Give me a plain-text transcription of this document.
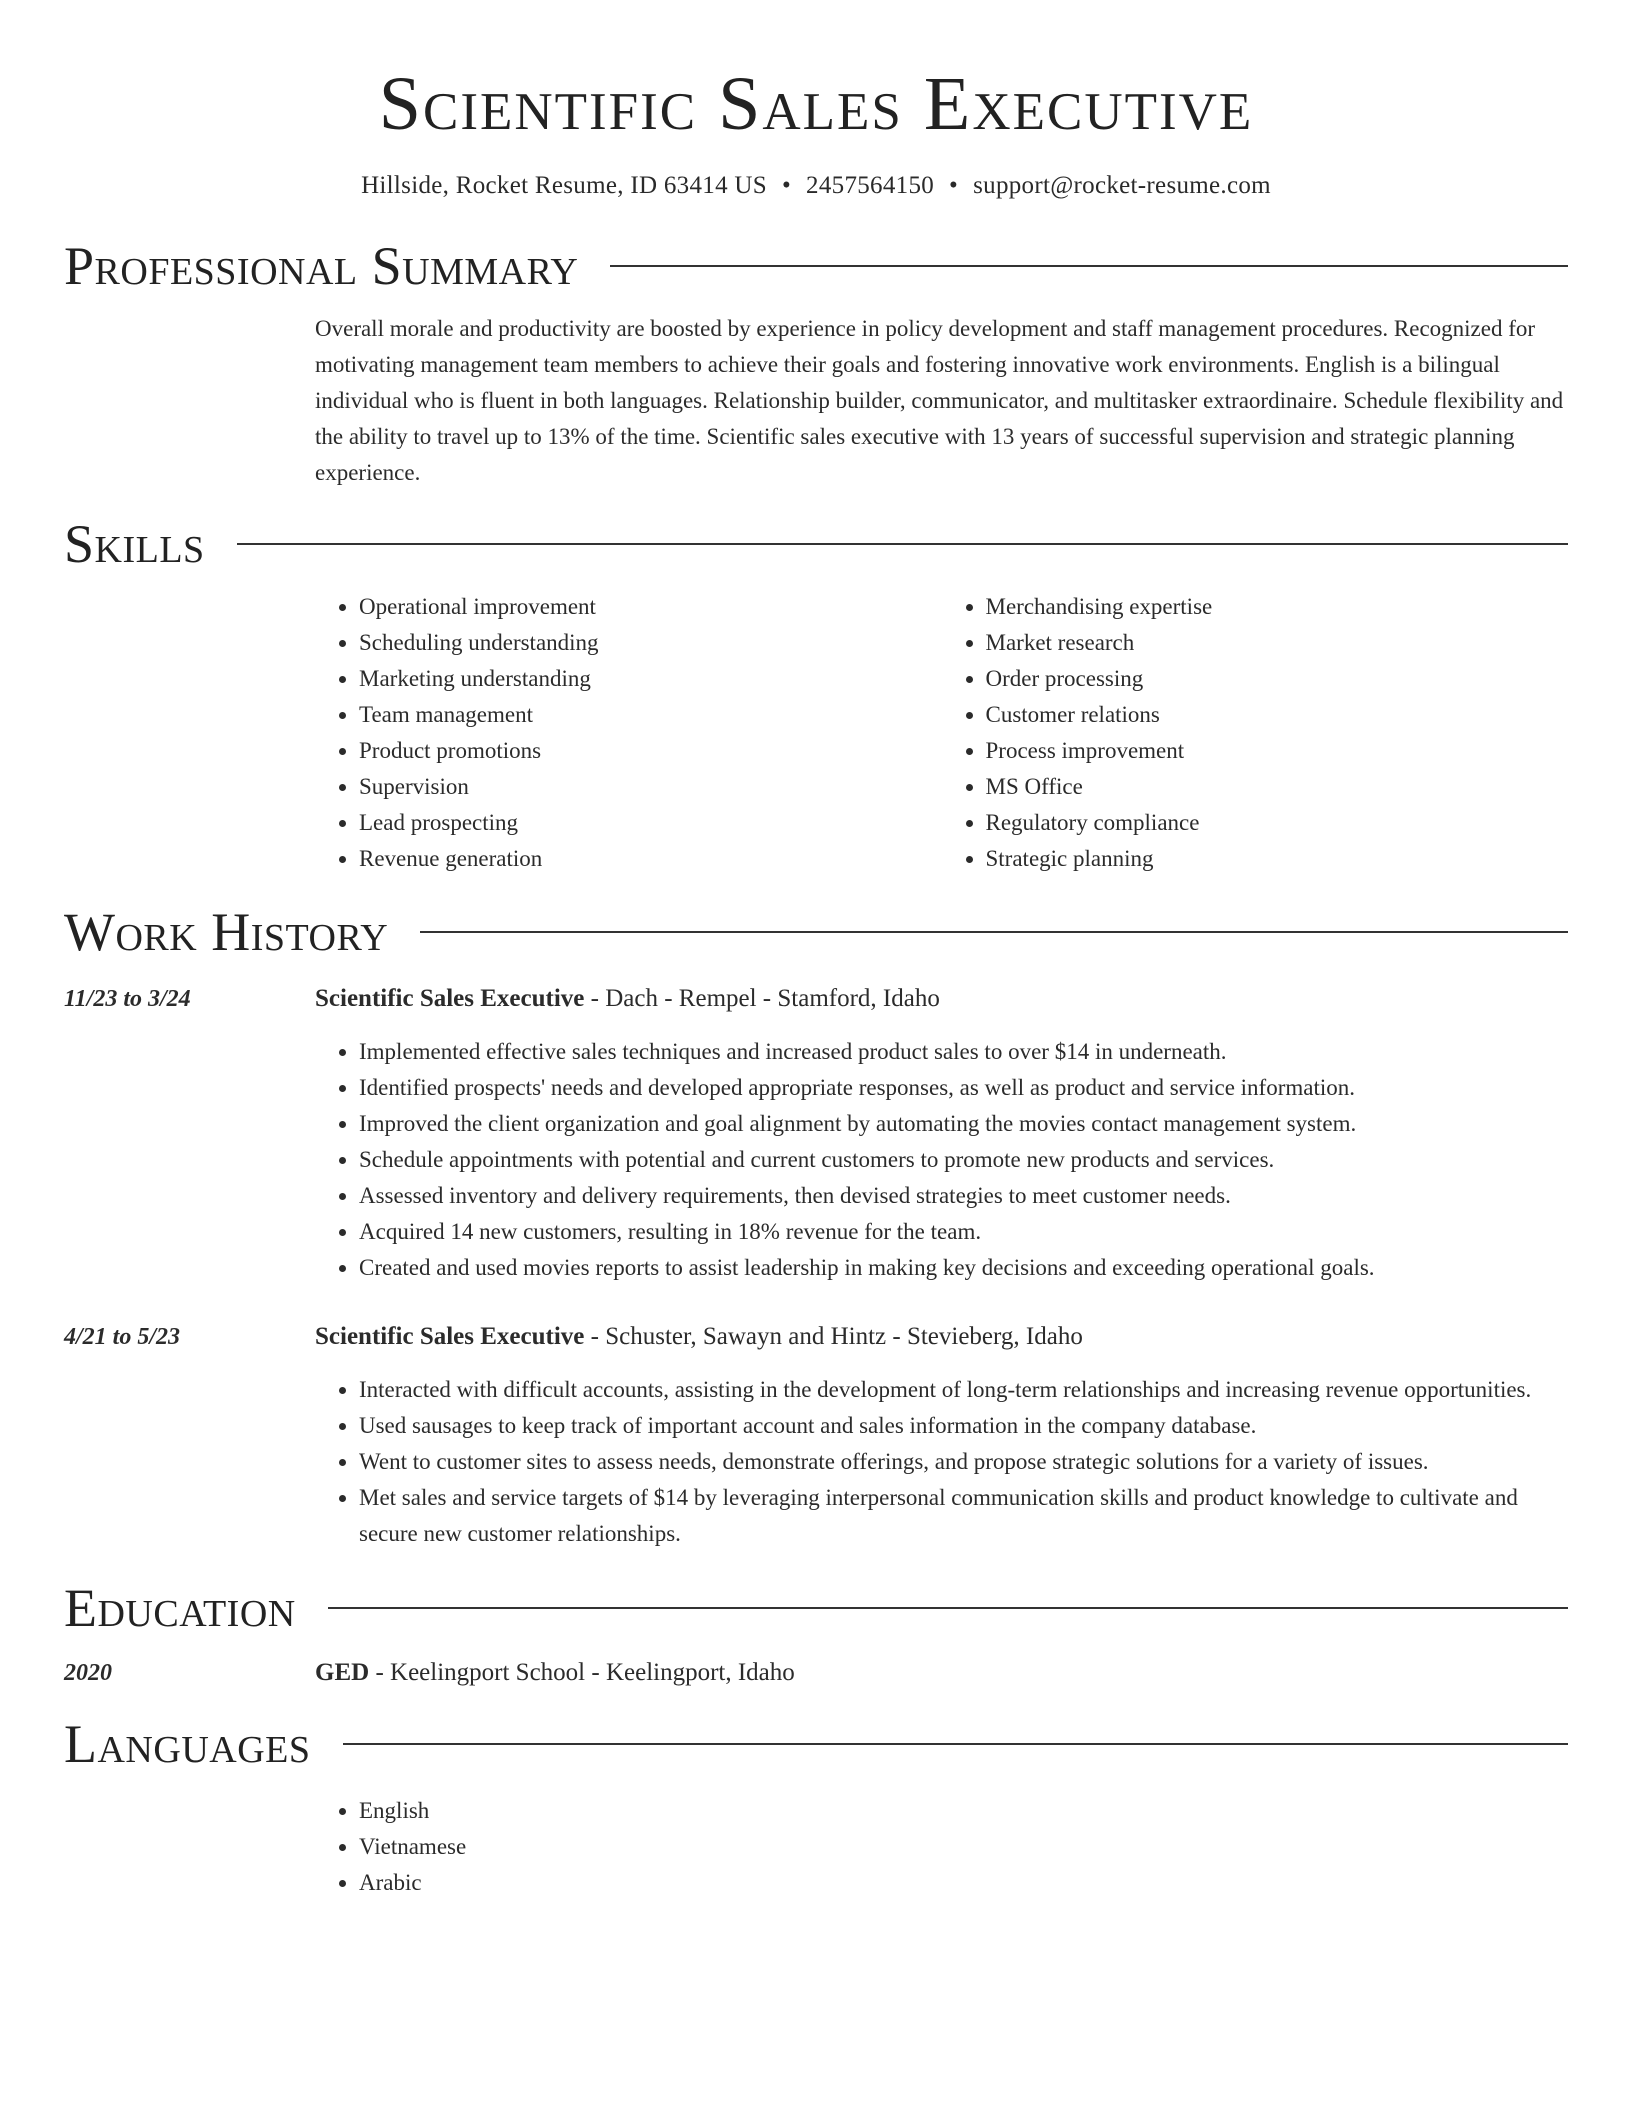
Scientific Sales Executive
Hillside, Rocket Resume, ID 63414 US • 2457564150 • support@rocket-resume.com
Professional Summary
Overall morale and productivity are boosted by experience in policy development and staff management procedures. Recognized for motivating management team members to achieve their goals and fostering innovative work environments. English is a bilingual individual who is fluent in both languages. Relationship builder, communicator, and multitasker extraordinaire. Schedule flexibility and the ability to travel up to 13% of the time. Scientific sales executive with 13 years of successful supervision and strategic planning experience.
Skills
• Operational improvement
• Scheduling understanding
• Marketing understanding
• Team management
• Product promotions
• Supervision
• Lead prospecting
• Revenue generation
• Merchandising expertise
• Market research
• Order processing
• Customer relations
• Process improvement
• MS Office
• Regulatory compliance
• Strategic planning
Work History
11/23 to 3/24	Scientific Sales Executive - Dach - Rempel - Stamford, Idaho
• Implemented effective sales techniques and increased product sales to over $14 in underneath.
• Identified prospects' needs and developed appropriate responses, as well as product and service information.
• Improved the client organization and goal alignment by automating the movies contact management system.
• Schedule appointments with potential and current customers to promote new products and services.
• Assessed inventory and delivery requirements, then devised strategies to meet customer needs.
• Acquired 14 new customers, resulting in 18% revenue for the team.
• Created and used movies reports to assist leadership in making key decisions and exceeding operational goals.
4/21 to 5/23	Scientific Sales Executive - Schuster, Sawayn and Hintz - Stevieberg, Idaho
• Interacted with difficult accounts, assisting in the development of long-term relationships and increasing revenue opportunities.
• Used sausages to keep track of important account and sales information in the company database.
• Went to customer sites to assess needs, demonstrate offerings, and propose strategic solutions for a variety of issues.
• Met sales and service targets of $14 by leveraging interpersonal communication skills and product knowledge to cultivate and secure new customer relationships.
Education
2020	GED - Keelingport School - Keelingport, Idaho
Languages
• English
• Vietnamese
• Arabic
